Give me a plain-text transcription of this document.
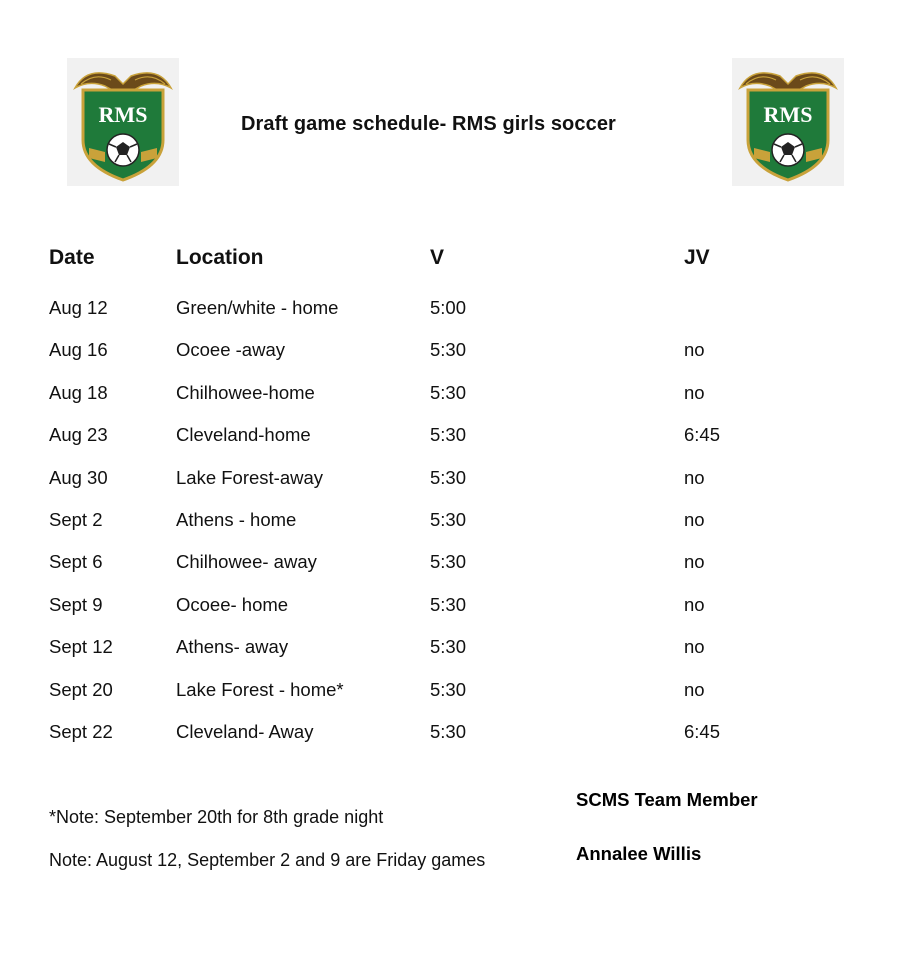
RMS	Draft game schedule- RMS girls soccer	RMS
Date	Location	V	JV
Aug 12	Green/white - home	5:00
Aug 16	Ocoee -away	5:30	no
Aug 18	Chilhowee-home	5:30	no
Aug 23	Cleveland-home	5:30	6:45
Aug 30	Lake Forest-away	5:30	no
Sept 2	Athens - home	5:30	no
Sept 6	Chilhowee- away	5:30	no
Sept 9	Ocoee- home	5:30	no
Sept 12	Athens- away	5:30	no
Sept 20	Lake Forest - home*	5:30	no
Sept 22	Cleveland- Away	5:30	6:45
*Note: September 20th for 8th grade night
Note: August 12, September 2 and 9 are Friday games
SCMS Team Member
Annalee Willis
